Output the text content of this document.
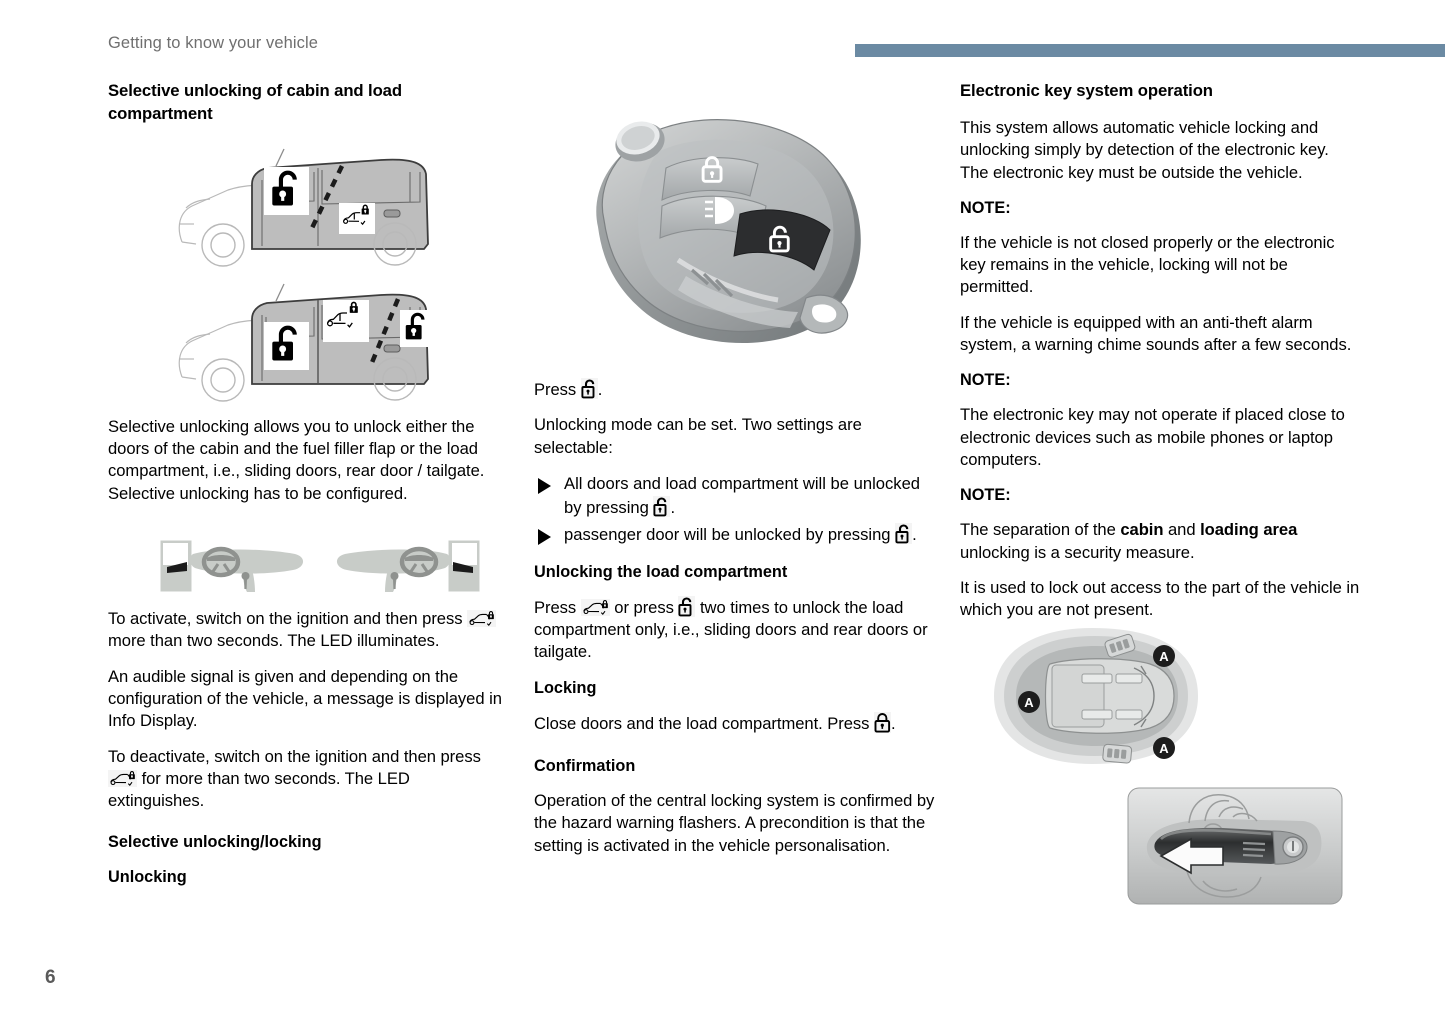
Getting to know your vehicle
Selective unlocking of cabin and load compartment

Selective unlocking allows you to unlock either the doors of the cabin and the fuel filler flap or the load compartment, i.e., sliding doors, rear door / tailgate. Selective unlocking has to be configured.

To activate, switch on the ignition and then press
more than two seconds. The LED illuminates.

An audible signal is given and depending on the configuration of the vehicle, a message is displayed in Info Display.

To deactivate, switch on the ignition and then press
for more than two seconds. The LED extinguishes.

Selective unlocking/locking
Unlocking

Press .

Unlocking mode can be set. Two settings are selectable:

All doors and load compartment will be unlocked by pressing .
passenger door will be unlocked by pressing .
Unlocking the load compartment

Press or press two times to unlock the load compartment only, i.e., sliding doors and rear doors or tailgate.

Locking

Close doors and the load compartment. Press .

Confirmation

Operation of the central locking system is confirmed by the hazard warning flashers. A precondition is that the setting is activated in the vehicle personalisation.

Electronic key system operation

This system allows automatic vehicle locking and unlocking simply by detection of the electronic key. The electronic key must be outside the vehicle.

NOTE:

If the vehicle is not closed properly or the electronic key remains in the vehicle, locking will not be permitted.

If the vehicle is equipped with an anti-theft alarm system, a warning chime sounds after a few seconds.

NOTE:

The electronic key may not operate if placed close to electronic devices such as mobile phones or laptop computers.

NOTE:

The separation of the cabin and loading area unlocking is a security measure.

It is used to lock out access to the part of the vehicle in which you are not present.

A
A
A
6
